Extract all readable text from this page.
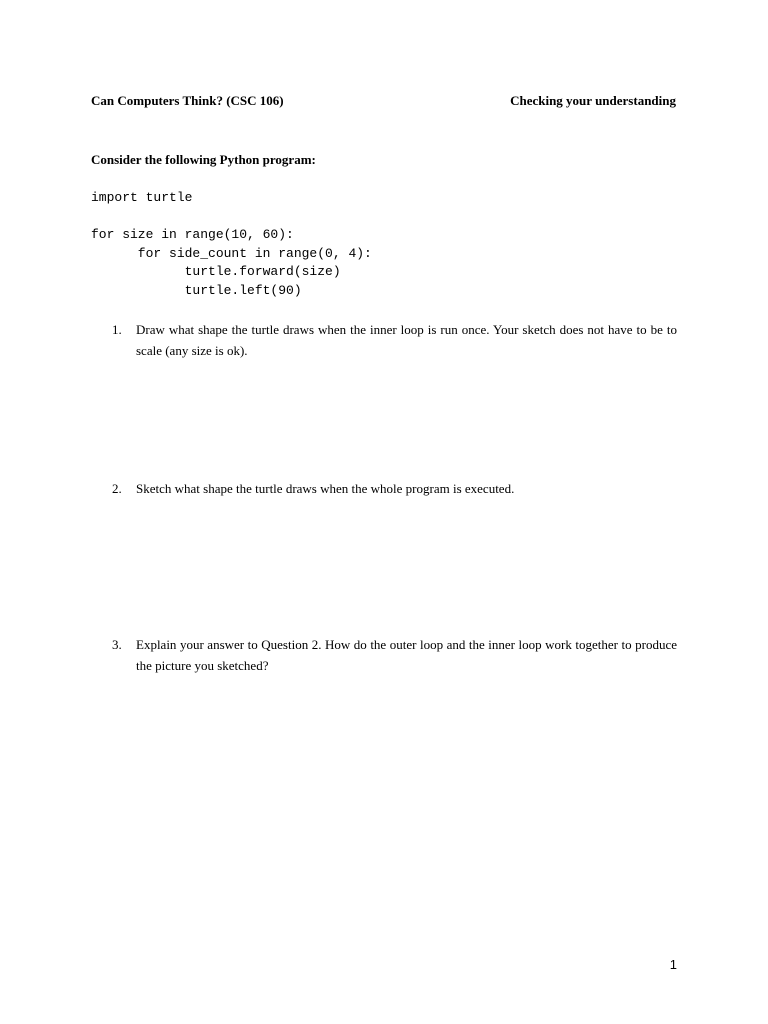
Can Computers Think? (CSC 106)	Checking your understanding
Consider the following Python program:
import turtle
for size in range(10, 60):
for side_count in range(0, 4):
turtle.forward(size)
turtle.left(90)
1.	Draw what shape the turtle draws when the inner loop is run once. Your sketch does not have to be to scale (any size is ok).
2.	Sketch what shape the turtle draws when the whole program is executed.
3.	Explain your answer to Question 2. How do the outer loop and the inner loop work together to produce the picture you sketched?
1
